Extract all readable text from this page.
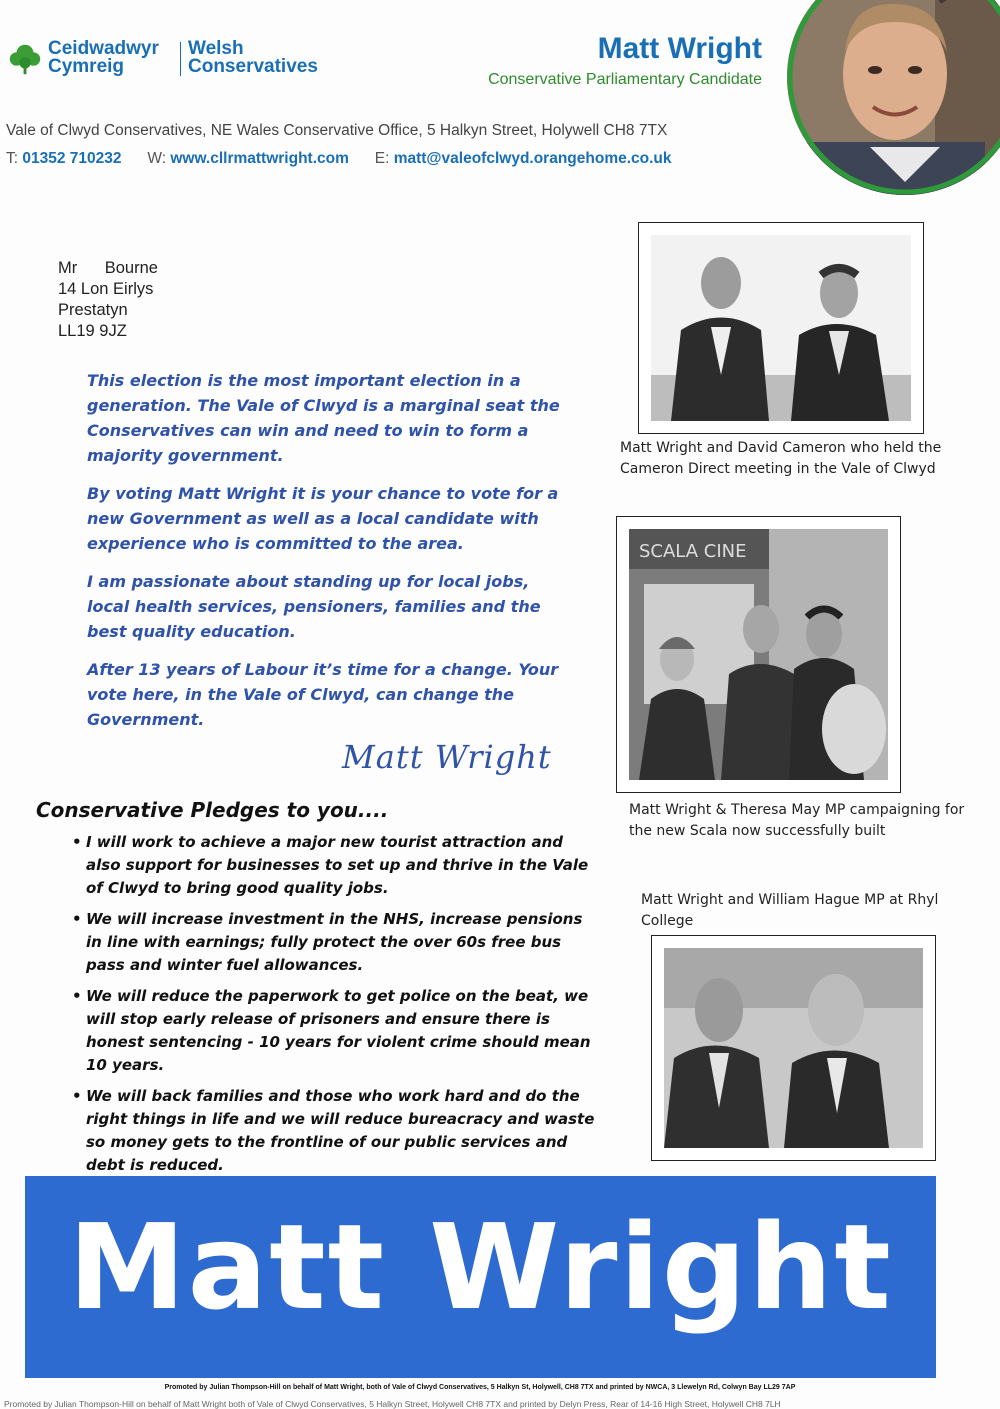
Ceidwadwyr
Cymreig
Welsh
Conservatives
Matt Wright
Conservative Parliamentary Candidate
Vale of Clwyd Conservatives, NE Wales Conservative Office, 5 Halkyn Street, Holywell CH8 7TX
T: 01352 710232 W: www.cllrmattwright.com E: matt@valeofclwyd.orangehome.co.uk
Mr      Bourne
14 Lon Eirlys
Prestatyn
LL19 9JZ

This election is the most important election in a generation. The Vale of Clwyd is a marginal seat the Conservatives can win and need to win to form a majority government.

By voting Matt Wright it is your chance to vote for a new Government as well as a local candidate with experience who is committed to the area.

I am passionate about standing up for local jobs, local health services, pensioners, families and the best quality education.

After 13 years of Labour it’s time for a change. Your vote here, in the Vale of Clwyd, can change the Government.

Matt Wright
Conservative Pledges to you....
• I will work to achieve a major new tourist attraction and also support for businesses to set up and thrive in the Vale of Clwyd to bring good quality jobs.
• We will increase investment in the NHS, increase pensions in line with earnings; fully protect the over 60s free bus pass and winter fuel allowances.
• We will reduce the paperwork to get police on the beat, we will stop early release of prisoners and ensure there is honest sentencing - 10 years for violent crime should mean 10 years.
• We will back families and those who work hard and do the right things in life and we will reduce bureacracy and waste so money gets to the frontline of our public services and debt is reduced.
Matt Wright and David Cameron who held the Cameron Direct meeting in the Vale of Clwyd
SCALA CINE
Matt Wright & Theresa May MP campaigning for the new Scala now successfully built
Matt Wright and William Hague MP at Rhyl College
Matt Wright
Promoted by Julian Thompson-Hill on behalf of Matt Wright, both of Vale of Clwyd Conservatives, 5 Halkyn St, Holywell, CH8 7TX and printed by NWCA, 3 Llewelyn Rd, Colwyn Bay LL29 7AP
Promoted by Julian Thompson-Hill on behalf of Matt Wright both of Vale of Clwyd Conservatives, 5 Halkyn Street, Holywell CH8 7TX and printed by Delyn Press, Rear of 14-16 High Street, Holywell CH8 7LH
